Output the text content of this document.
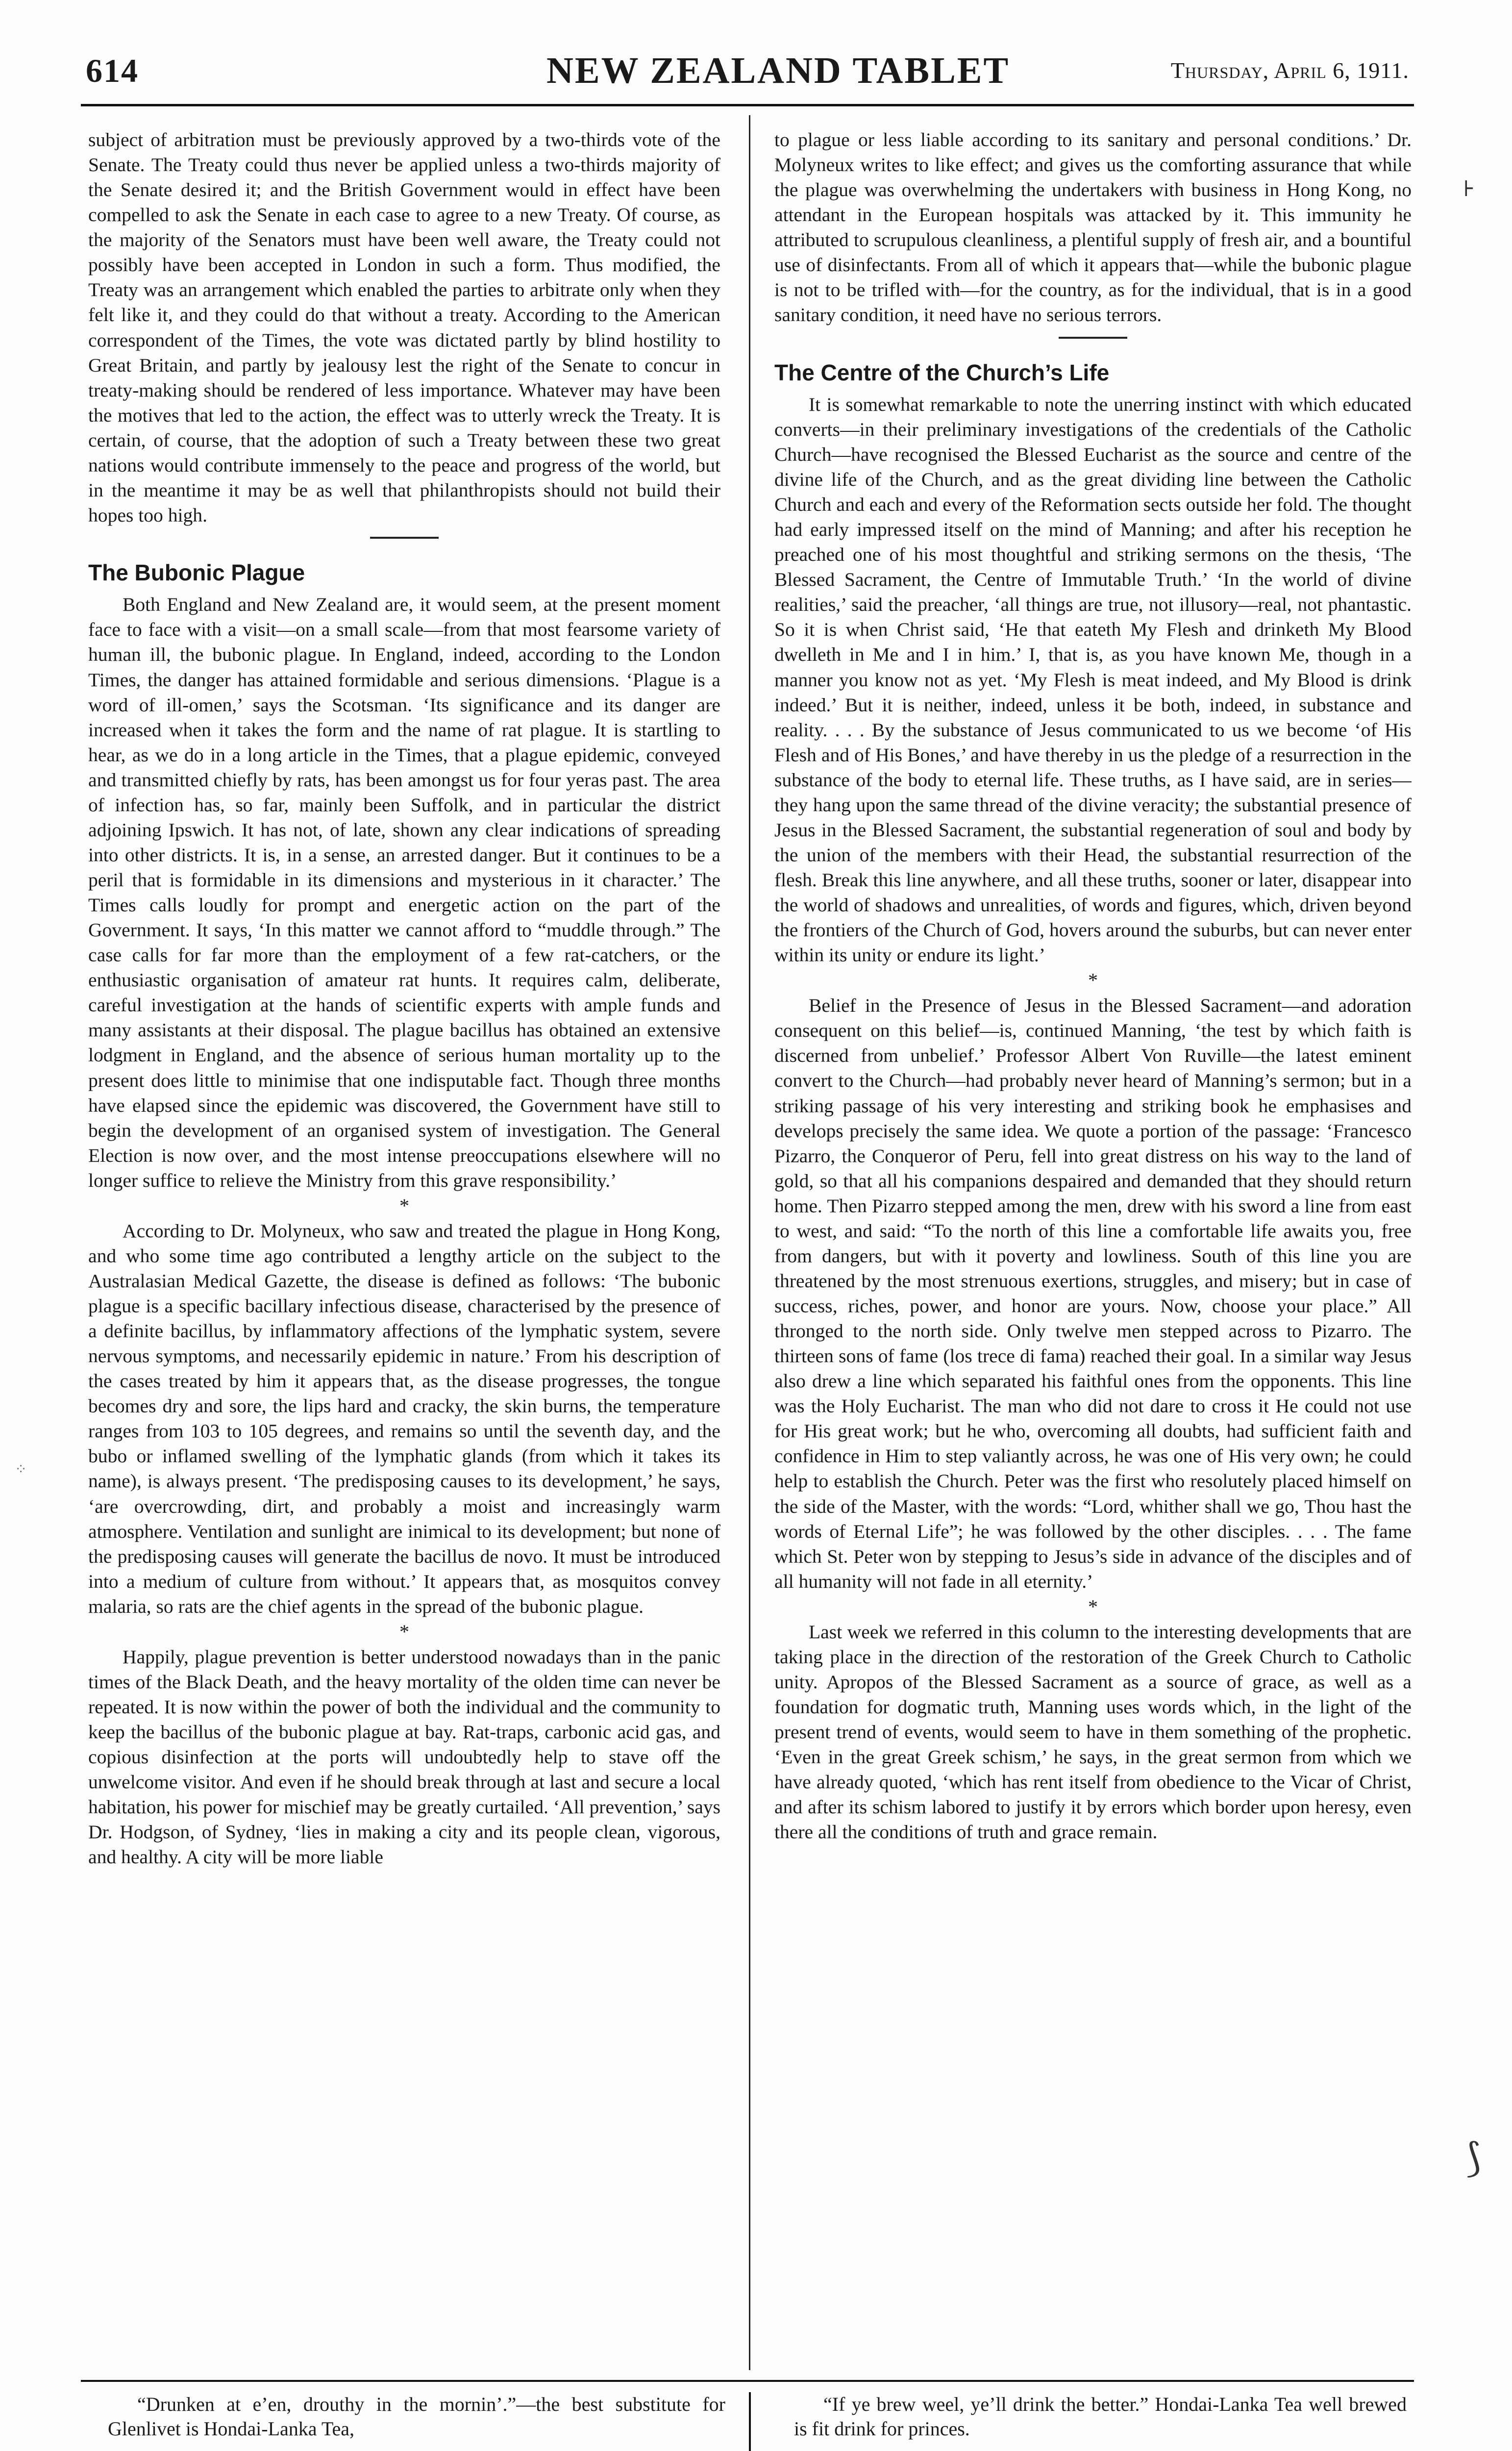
614	NEW ZEALAND TABLET	Thursday, April 6, 1911.

subject of arbitration must be previously approved by a two-thirds vote of the Senate. The Treaty could thus never be applied unless a two-thirds majority of the Senate desired it; and the British Government would in effect have been compelled to ask the Senate in each case to agree to a new Treaty. Of course, as the majority of the Senators must have been well aware, the Treaty could not possibly have been accepted in London in such a form. Thus modified, the Treaty was an arrangement which enabled the parties to arbitrate only when they felt like it, and they could do that without a treaty. According to the American correspondent of the Times, the vote was dictated partly by blind hostility to Great Britain, and partly by jealousy lest the right of the Senate to concur in treaty-making should be rendered of less importance. Whatever may have been the motives that led to the action, the effect was to utterly wreck the Treaty. It is certain, of course, that the adoption of such a Treaty between these two great nations would contribute immensely to the peace and progress of the world, but in the meantime it may be as well that philanthropists should not build their hopes too high.

The Bubonic Plague

Both England and New Zealand are, it would seem, at the present moment face to face with a visit—on a small scale—from that most fearsome variety of human ill, the bubonic plague. In England, indeed, according to the London Times, the danger has attained formidable and serious dimensions. ‘Plague is a word of ill-omen,’ says the Scotsman. ‘Its significance and its danger are increased when it takes the form and the name of rat plague. It is startling to hear, as we do in a long article in the Times, that a plague epidemic, conveyed and transmitted chiefly by rats, has been amongst us for four yeras past. The area of infection has, so far, mainly been Suffolk, and in particular the district adjoining Ipswich. It has not, of late, shown any clear indications of spreading into other districts. It is, in a sense, an arrested danger. But it continues to be a peril that is formidable in its dimensions and mysterious in it character.’ The Times calls loudly for prompt and energetic action on the part of the Government. It says, ‘In this matter we cannot afford to “muddle through.” The case calls for far more than the employment of a few rat-catchers, or the enthusiastic organisation of amateur rat hunts. It requires calm, deliberate, careful investigation at the hands of scientific experts with ample funds and many assistants at their disposal. The plague bacillus has obtained an extensive lodgment in England, and the absence of serious human mortality up to the present does little to minimise that one indisputable fact. Though three months have elapsed since the epidemic was discovered, the Government have still to begin the development of an organised system of investigation. The General Election is now over, and the most intense preoccupations elsewhere will no longer suffice to relieve the Ministry from this grave responsibility.’

*

According to Dr. Molyneux, who saw and treated the plague in Hong Kong, and who some time ago contributed a lengthy article on the subject to the Australasian Medical Gazette, the disease is defined as follows: ‘The bubonic plague is a specific bacillary infectious disease, characterised by the presence of a definite bacillus, by inflammatory affections of the lymphatic system, severe nervous symptoms, and necessarily epidemic in nature.’ From his description of the cases treated by him it appears that, as the disease progresses, the tongue becomes dry and sore, the lips hard and cracky, the skin burns, the temperature ranges from 103 to 105 degrees, and remains so until the seventh day, and the bubo or inflamed swelling of the lymphatic glands (from which it takes its name), is always present. ‘The predisposing causes to its development,’ he says, ‘are overcrowding, dirt, and probably a moist and increasingly warm atmosphere. Ventilation and sunlight are inimical to its development; but none of the predisposing causes will generate the bacillus de novo. It must be introduced into a medium of culture from without.’ It appears that, as mosquitos convey malaria, so rats are the chief agents in the spread of the bubonic plague.

*

Happily, plague prevention is better understood nowadays than in the panic times of the Black Death, and the heavy mortality of the olden time can never be repeated. It is now within the power of both the individual and the community to keep the bacillus of the bubonic plague at bay. Rat-traps, carbonic acid gas, and copious disinfection at the ports will undoubtedly help to stave off the unwelcome visitor. And even if he should break through at last and secure a local habitation, his power for mischief may be greatly curtailed. ‘All prevention,’ says Dr. Hodgson, of Sydney, ‘lies in making a city and its people clean, vigorous, and healthy. A city will be more liable

to plague or less liable according to its sanitary and personal conditions.’ Dr. Molyneux writes to like effect; and gives us the comforting assurance that while the plague was overwhelming the undertakers with business in Hong Kong, no attendant in the European hospitals was attacked by it. This immunity he attributed to scrupulous cleanliness, a plentiful supply of fresh air, and a bountiful use of disinfectants. From all of which it appears that—while the bubonic plague is not to be trifled with—for the country, as for the individual, that is in a good sanitary condition, it need have no serious terrors.

The Centre of the Church’s Life

It is somewhat remarkable to note the unerring instinct with which educated converts—in their preliminary investigations of the credentials of the Catholic Church—have recognised the Blessed Eucharist as the source and centre of the divine life of the Church, and as the great dividing line between the Catholic Church and each and every of the Reformation sects outside her fold. The thought had early impressed itself on the mind of Manning; and after his reception he preached one of his most thoughtful and striking sermons on the thesis, ‘The Blessed Sacrament, the Centre of Immutable Truth.’ ‘In the world of divine realities,’ said the preacher, ‘all things are true, not illusory—real, not phantastic. So it is when Christ said, ‘He that eateth My Flesh and drinketh My Blood dwelleth in Me and I in him.’ I, that is, as you have known Me, though in a manner you know not as yet. ‘My Flesh is meat indeed, and My Blood is drink indeed.’ But it is neither, indeed, unless it be both, indeed, in substance and reality. . . . By the substance of Jesus communicated to us we become ‘of His Flesh and of His Bones,’ and have thereby in us the pledge of a resurrection in the substance of the body to eternal life. These truths, as I have said, are in series—they hang upon the same thread of the divine veracity; the substantial presence of Jesus in the Blessed Sacrament, the substantial regeneration of soul and body by the union of the members with their Head, the substantial resurrection of the flesh. Break this line anywhere, and all these truths, sooner or later, disappear into the world of shadows and unrealities, of words and figures, which, driven beyond the frontiers of the Church of God, hovers around the suburbs, but can never enter within its unity or endure its light.’

*

Belief in the Presence of Jesus in the Blessed Sacrament—and adoration consequent on this belief—is, continued Manning, ‘the test by which faith is discerned from unbelief.’ Professor Albert Von Ruville—the latest eminent convert to the Church—had probably never heard of Manning’s sermon; but in a striking passage of his very interesting and striking book he emphasises and develops precisely the same idea. We quote a portion of the passage: ‘Francesco Pizarro, the Conqueror of Peru, fell into great distress on his way to the land of gold, so that all his companions despaired and demanded that they should return home. Then Pizarro stepped among the men, drew with his sword a line from east to west, and said: “To the north of this line a comfortable life awaits you, free from dangers, but with it poverty and lowliness. South of this line you are threatened by the most strenuous exertions, struggles, and misery; but in case of success, riches, power, and honor are yours. Now, choose your place.” All thronged to the north side. Only twelve men stepped across to Pizarro. The thirteen sons of fame (los trece di fama) reached their goal. In a similar way Jesus also drew a line which separated his faithful ones from the opponents. This line was the Holy Eucharist. The man who did not dare to cross it He could not use for His great work; but he who, overcoming all doubts, had sufficient faith and confidence in Him to step valiantly across, he was one of His very own; he could help to establish the Church. Peter was the first who resolutely placed himself on the side of the Master, with the words: “Lord, whither shall we go, Thou hast the words of Eternal Life”; he was followed by the other disciples. . . . The fame which St. Peter won by stepping to Jesus’s side in advance of the disciples and of all humanity will not fade in all eternity.’

*

Last week we referred in this column to the interesting developments that are taking place in the direction of the restoration of the Greek Church to Catholic unity. Apropos of the Blessed Sacrament as a source of grace, as well as a foundation for dogmatic truth, Manning uses words which, in the light of the present trend of events, would seem to have in them something of the prophetic. ‘Even in the great Greek schism,’ he says, in the great sermon from which we have already quoted, ‘which has rent itself from obedience to the Vicar of Christ, and after its schism labored to justify it by errors which border upon heresy, even there all the conditions of truth and grace remain.

“Drunken at e’en, drouthy in the mornin’.”—the best substitute for Glenlivet is Hondai-Lanka Tea,

“If ye brew weel, ye’ll drink the better.” Hondai-Lanka Tea well brewed is fit drink for princes.

⊦
⟆
⁘
